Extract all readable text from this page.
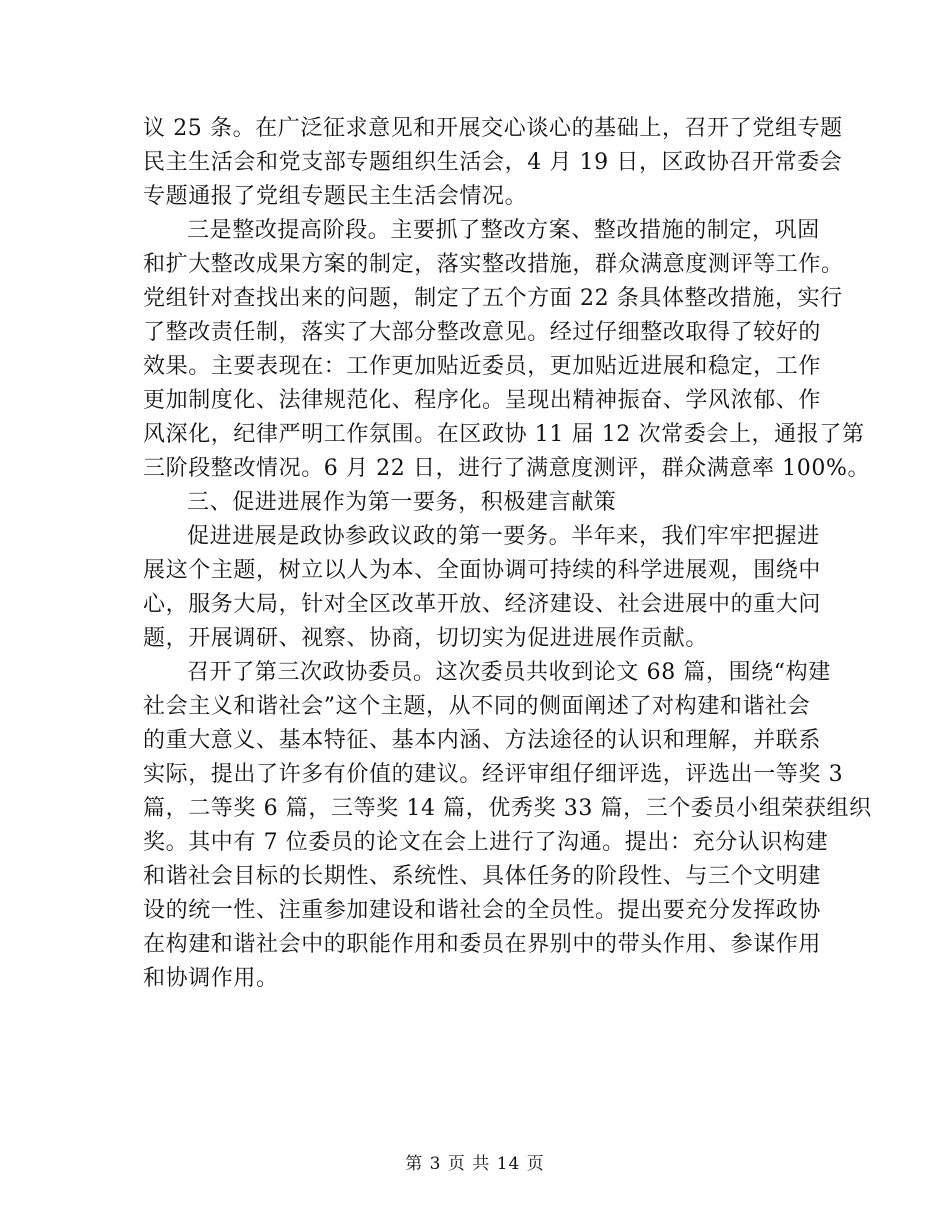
议 25 条。在广泛征求意见和开展交心谈心的基础上，召开了党组专题
民主生活会和党支部专题组织生活会，4 月 19 日，区政协召开常委会
专题通报了党组专题民主生活会情况。
三是整改提高阶段。主要抓了整改方案、整改措施的制定，巩固
和扩大整改成果方案的制定，落实整改措施，群众满意度测评等工作。
党组针对查找出来的问题，制定了五个方面 22 条具体整改措施，实行
了整改责任制，落实了大部分整改意见。经过仔细整改取得了较好的
效果。主要表现在：工作更加贴近委员，更加贴近进展和稳定，工作
更加制度化、法律规范化、程序化。呈现出精神振奋、学风浓郁、作
风深化，纪律严明工作氛围。在区政协 11 届 12 次常委会上，通报了第
三阶段整改情况。6 月 22 日，进行了满意度测评，群众满意率 100%。
三、促进进展作为第一要务，积极建言献策
促进进展是政协参政议政的第一要务。半年来，我们牢牢把握进
展这个主题，树立以人为本、全面协调可持续的科学进展观，围绕中
心，服务大局，针对全区改革开放、经济建设、社会进展中的重大问
题，开展调研、视察、协商，切切实为促进进展作贡献。
召开了第三次政协委员。这次委员共收到论文 68 篇，围绕“构建
社会主义和谐社会”这个主题，从不同的侧面阐述了对构建和谐社会
的重大意义、基本特征、基本内涵、方法途径的认识和理解，并联系
实际，提出了许多有价值的建议。经评审组仔细评选，评选出一等奖 3
篇，二等奖 6 篇，三等奖 14 篇，优秀奖 33 篇，三个委员小组荣获组织
奖。其中有 7 位委员的论文在会上进行了沟通。提出：充分认识构建
和谐社会目标的长期性、系统性、具体任务的阶段性、与三个文明建
设的统一性、注重参加建设和谐社会的全员性。提出要充分发挥政协
在构建和谐社会中的职能作用和委员在界别中的带头作用、参谋作用
和协调作用。
第 3 页 共 14 页
